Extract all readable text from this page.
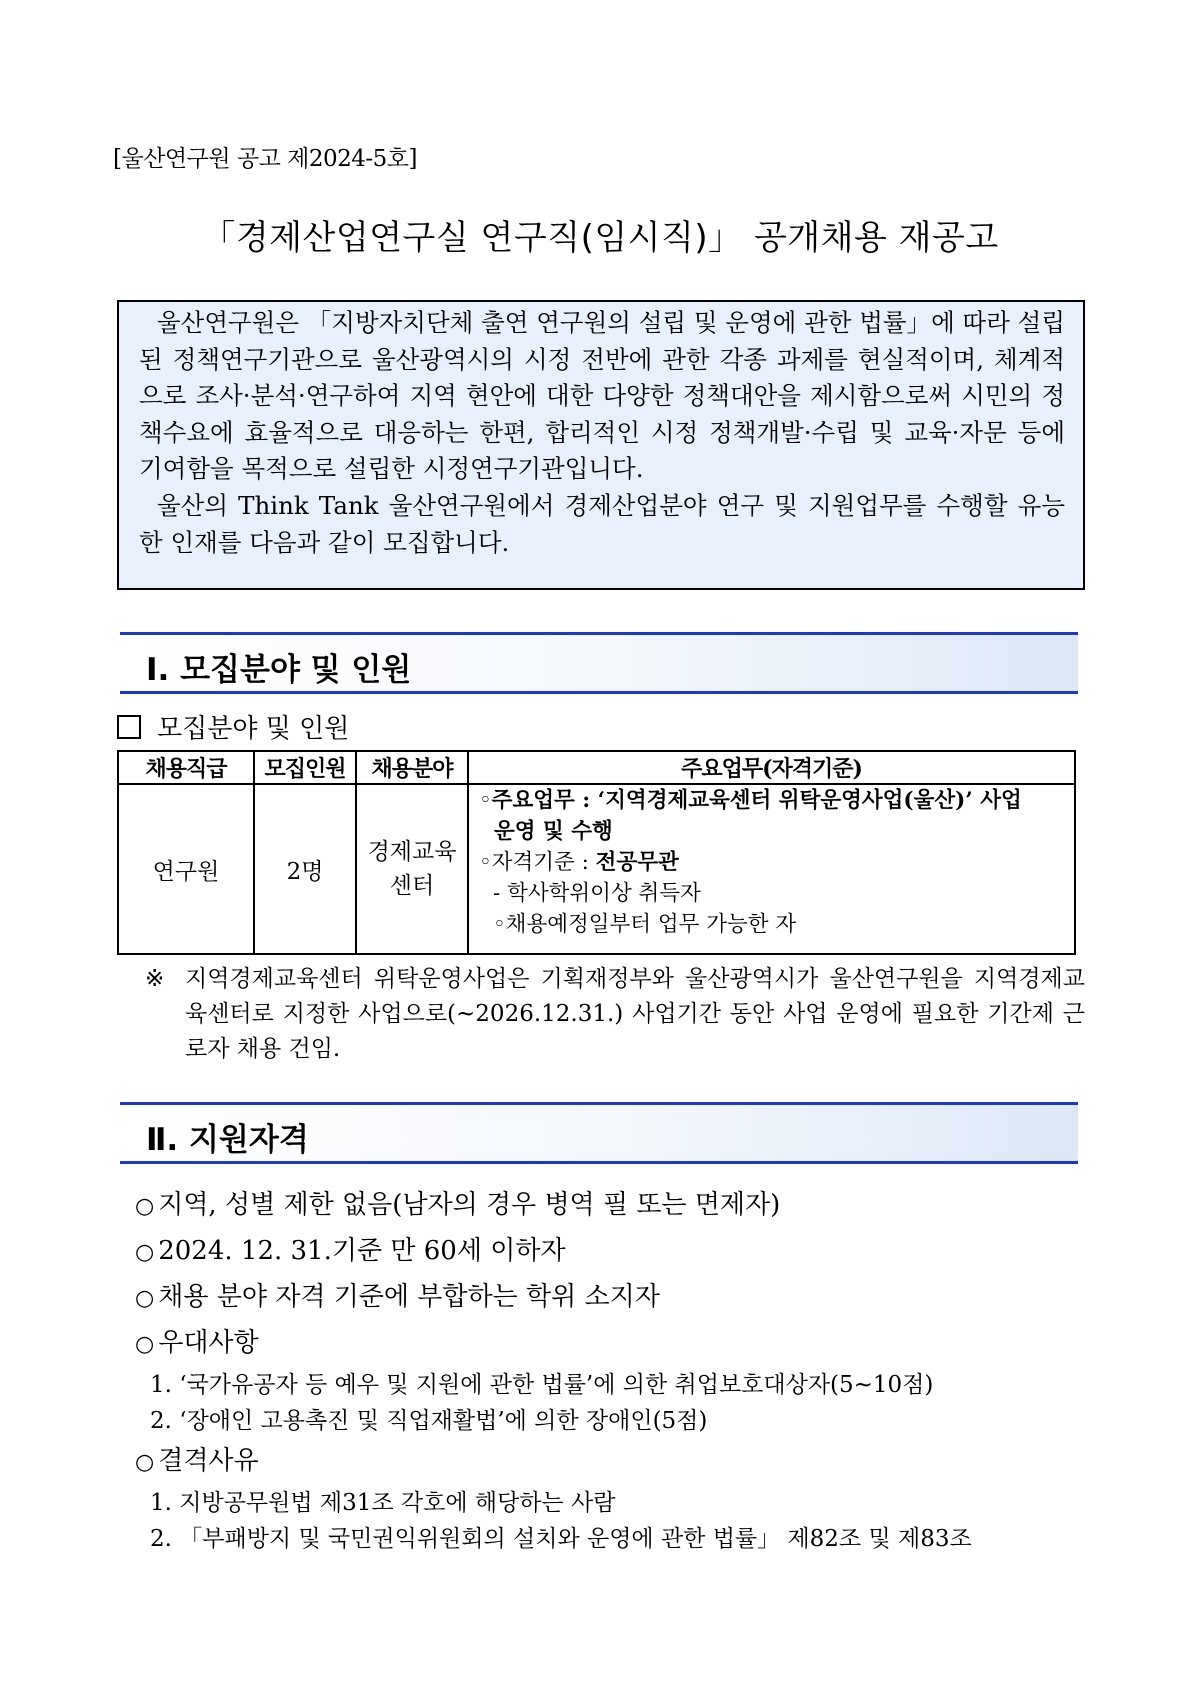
[울산연구원 공고 제2024-5호]
「경제산업연구실 연구직(임시직)」 공개채용 재공고

울산연구원은 「지방자치단체 출연 연구원의 설립 및 운영에 관한 법률」에 따라 설립된 정책연구기관으로 울산광역시의 시정 전반에 관한 각종 과제를 현실적이며, 체계적으로 조사·분석·연구하여 지역 현안에 대한 다양한 정책대안을 제시함으로써 시민의 정책수요에 효율적으로 대응하는 한편, 합리적인 시정 정책개발·수립 및 교육·자문 등에 기여함을 목적으로 설립한 시정연구기관입니다.

울산의 Think Tank 울산연구원에서 경제산업분야 연구 및 지원업무를 수행할 유능한 인재를 다음과 같이 모집합니다.

Ⅰ. 모집분야 및 인원
모집분야 및 인원
채용직급	모집인원	채용분야	주요업무(자격기준)
연구원	2명	경제교육센터	◦주요업무 : ‘지역경제교육센터 위탁운영사업(울산)’ 사업
운영 및 수행
◦자격기준 : 전공무관
- 학사학위이상 취득자
◦채용예정일부터 업무 가능한 자
※ 지역경제교육센터 위탁운영사업은 기획재정부와 울산광역시가 울산연구원을 지역경제교육센터로 지정한 사업으로(~2026.12.31.) 사업기간 동안 사업 운영에 필요한 기간제 근로자 채용 건임.
Ⅱ. 지원자격
○ 지역, 성별 제한 없음(남자의 경우 병역 필 또는 면제자)
○ 2024. 12. 31.기준 만 60세 이하자
○ 채용 분야 자격 기준에 부합하는 학위 소지자
○ 우대사항
1. ‘국가유공자 등 예우 및 지원에 관한 법률’에 의한 취업보호대상자(5~10점)
2. ‘장애인 고용촉진 및 직업재활법’에 의한 장애인(5점)
○ 결격사유
1. 지방공무원법 제31조 각호에 해당하는 사람
2. 「부패방지 및 국민권익위원회의 설치와 운영에 관한 법률」 제82조 및 제83조
